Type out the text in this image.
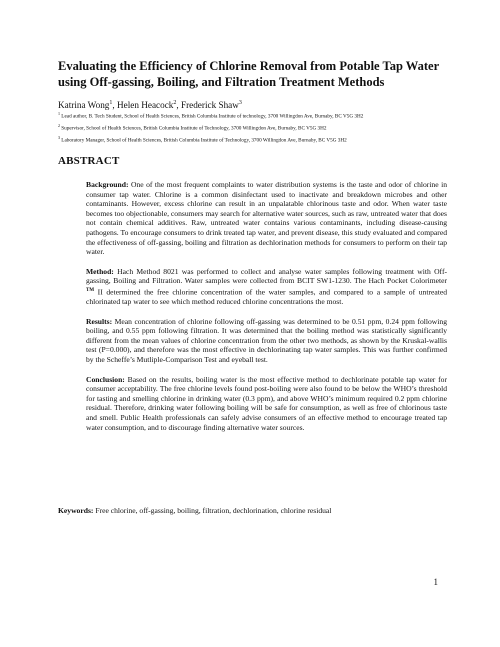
Evaluating the Efficiency of Chlorine Removal from Potable Tap Water using Off-gassing, Boiling, and Filtration Treatment Methods
Katrina Wong$^1$, Helen Heacock$^2$, Frederick Shaw$^3$

$^1$ Lead author, B. Tech Student, School of Health Sciences, British Columbia Institute of technology, 3700 Willingdon Ave, Burnaby, BC V5G 3H2

$^2$ Supervisor, School of Health Sciences, British Columbia Institute of Technology, 3700 Willingdon Ave, Burnaby, BC V5G 3H2

$^3$ Laboratory Manager, School of Health Sciences, British Columbia Institute of Technology, 3700 Willingdon Ave, Burnaby, BC V5G 3H2

ABSTRACT

Background: One of the most frequent complaints to water distribution systems is the taste and odor of chlorine in consumer tap water. Chlorine is a common disinfectant used to inactivate and breakdown microbes and other contaminants. However, excess chlorine can result in an unpalatable chlorinous taste and odor. When water taste becomes too objectionable, consumers may search for alternative water sources, such as raw, untreated water that does not contain chemical additives. Raw, untreated water contains various contaminants, including disease-causing pathogens. To encourage consumers to drink treated tap water, and prevent disease, this study evaluated and compared the effectiveness of off-gassing, boiling and filtration as dechlorination methods for consumers to perform on their tap water.

Method: Hach Method 8021 was performed to collect and analyse water samples following treatment with Off-gassing, Boiling and Filtration. Water samples were collected from BCIT SW1-1230. The Hach Pocket Colorimeter ™ II determined the free chlorine concentration of the water samples, and compared to a sample of untreated chlorinated tap water to see which method reduced chlorine concentrations the most.

Results: Mean concentration of chlorine following off-gassing was determined to be 0.51 ppm, 0.24 ppm following boiling, and 0.55 ppm following filtration. It was determined that the boiling method was statistically significantly different from the mean values of chlorine concentration from the other two methods, as shown by the Kruskal-wallis test (P=0.000), and therefore was the most effective in dechlorinating tap water samples. This was further confirmed by the Scheffe’s Mutliple-Comparison Test and eyeball test.

Conclusion: Based on the results, boiling water is the most effective method to dechlorinate potable tap water for consumer acceptability. The free chlorine levels found post-boiling were also found to be below the WHO’s threshold for tasting and smelling chlorine in drinking water (0.3 ppm), and above WHO’s minimum required 0.2 ppm chlorine residual. Therefore, drinking water following boiling will be safe for consumption, as well as free of chlorinous taste and smell. Public Health professionals can safely advise consumers of an effective method to encourage treated tap water consumption, and to discourage finding alternative water sources.

Keywords: Free chlorine, off-gassing, boiling, filtration, dechlorination, chlorine residual
1
